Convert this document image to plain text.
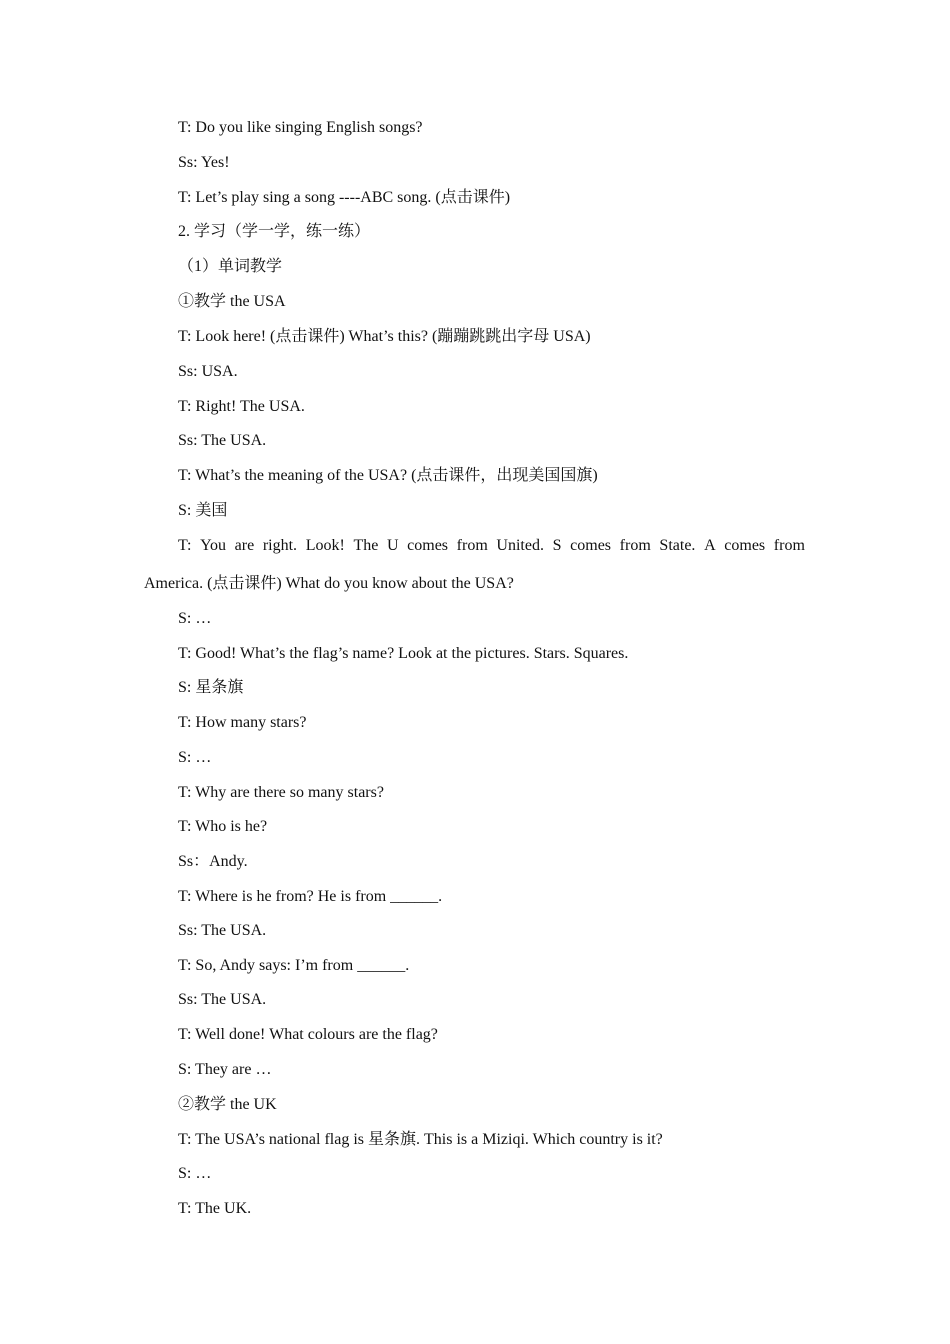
T: Do you like singing English songs?
Ss: Yes!
T: Let’s play sing a song ----ABC song. (点击课件)
2. 学习（学一学，练一练）
（1）单词教学
①教学 the USA
T: Look here! (点击课件) What’s this? (蹦蹦跳跳出字母 USA)
Ss: USA.
T: Right! The USA.
Ss: The USA.
T: What’s the meaning of the USA? (点击课件，出现美国国旗)
S: 美国
T: You are right. Look! The U comes from United. S comes from State. A comes from
America. (点击课件) What do you know about the USA?
S: …
T: Good! What’s the flag’s name? Look at the pictures. Stars. Squares.
S: 星条旗
T: How many stars?
S: …
T: Why are there so many stars?
T: Who is he?
Ss：Andy.
T: Where is he from? He is from ______.
Ss: The USA.
T: So, Andy says: I’m from ______.
Ss: The USA.
T: Well done! What colours are the flag?
S: They are …
②教学 the UK
T: The USA’s national flag is 星条旗. This is a Miziqi. Which country is it?
S: …
T: The UK.
